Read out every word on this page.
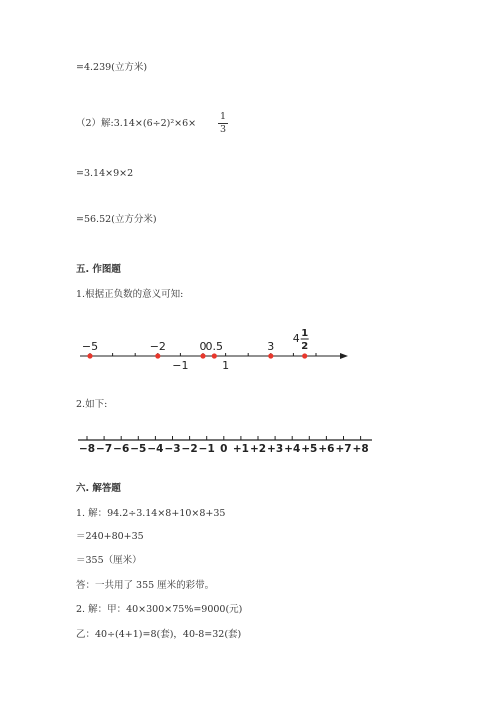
=4.239(立方米)
（2）解:3.14×(6÷2)²×6×
1
3
=3.14×9×2
=56.52(立方分米)
五. 作图题
1.根据正负数的意义可知:
−5	−2	0 0.5	3
−1	1
4 1
2
2.如下:
−8 −7 −6 −5 −4 −3 −2 −1 0 +1 +2 +3 +4 +5 +6 +7 +8
六. 解答题
1. 解：94.2÷3.14×8+10×8+35
＝240+80+35
＝355（厘米）
答：一共用了 355 厘米的彩带。
2. 解：甲：40×300×75%=9000(元)
乙：40÷(4+1)=8(套)，40-8=32(套)
